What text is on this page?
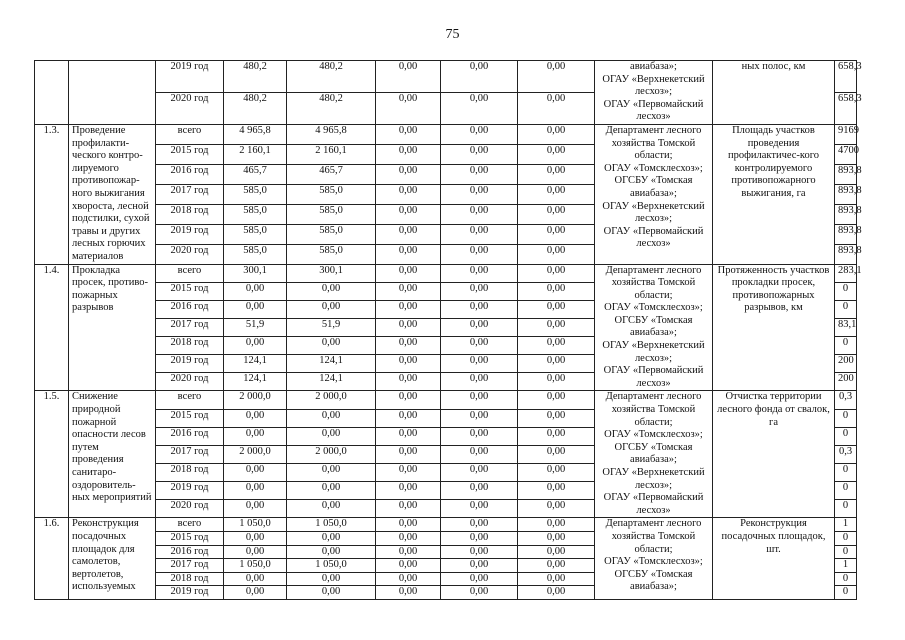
75
		2019 год	480,2	480,2	0,00	0,00	0,00	авиабаза»;
ОГАУ «Верхнекетский лесхоз»;
ОГАУ «Первомайский лесхоз»	ных полос, км	658,3
		2020 год	480,2	480,2	0,00	0,00	0,00			658,3
1.3.	Проведение профилакти-ческого контро-лируемого противопожар-ного выжигания хвороста, лесной подстилки, сухой травы и других лесных горючих материалов	всего	4 965,8	4 965,8	0,00	0,00	0,00	Департамент лесного хозяйства Томской области;
ОГАУ «Томсклесхоз»;
ОГСБУ «Томская авиабаза»;
ОГАУ «Верхнекетский лесхоз»;
ОГАУ «Первомайский лесхоз»	Площадь участков проведения профилактичес-кого контролируемого противопожарного выжигания, га	9169
		2015 год	2 160,1	2 160,1	0,00	0,00	0,00			4700
		2016 год	465,7	465,7	0,00	0,00	0,00			893,8
		2017 год	585,0	585,0	0,00	0,00	0,00			893,8
		2018 год	585,0	585,0	0,00	0,00	0,00			893,8
		2019 год	585,0	585,0	0,00	0,00	0,00			893,8
		2020 год	585,0	585,0	0,00	0,00	0,00			893,8
1.4.	Прокладка просек, противо-пожарных разрывов	всего	300,1	300,1	0,00	0,00	0,00	Департамент лесного хозяйства Томской области;
ОГАУ «Томсклесхоз»;
ОГСБУ «Томская авиабаза»;
ОГАУ «Верхнекетский лесхоз»;
ОГАУ «Первомайский лесхоз»	Протяженность участков прокладки просек, противопожарных разрывов, км	283,1
		2015 год	0,00	0,00	0,00	0,00	0,00			0
		2016 год	0,00	0,00	0,00	0,00	0,00			0
		2017 год	51,9	51,9	0,00	0,00	0,00			83,1
		2018 год	0,00	0,00	0,00	0,00	0,00			0
		2019 год	124,1	124,1	0,00	0,00	0,00			200
		2020 год	124,1	124,1	0,00	0,00	0,00			200
1.5.	Снижение природной пожарной опасности лесов путем проведения санитаро-оздоровитель-ных мероприятий	всего	2 000,0	2 000,0	0,00	0,00	0,00	Департамент лесного хозяйства Томской области;
ОГАУ «Томсклесхоз»;
ОГСБУ «Томская авиабаза»;
ОГАУ «Верхнекетский лесхоз»;
ОГАУ «Первомайский лесхоз»	Отчистка территории лесного фонда от свалок, га	0,3
		2015 год	0,00	0,00	0,00	0,00	0,00			0
		2016 год	0,00	0,00	0,00	0,00	0,00			0
		2017 год	2 000,0	2 000,0	0,00	0,00	0,00			0,3
		2018 год	0,00	0,00	0,00	0,00	0,00			0
		2019 год	0,00	0,00	0,00	0,00	0,00			0
		2020 год	0,00	0,00	0,00	0,00	0,00			0
1.6.	Реконструкция посадочных площадок для самолетов, вертолетов, используемых	всего	1 050,0	1 050,0	0,00	0,00	0,00	Департамент лесного хозяйства Томской области;
ОГАУ «Томсклесхоз»;
ОГСБУ «Томская авиабаза»;	Реконструкция посадочных площадок, шт.	1
		2015 год	0,00	0,00	0,00	0,00	0,00			0
		2016 год	0,00	0,00	0,00	0,00	0,00			0
		2017 год	1 050,0	1 050,0	0,00	0,00	0,00			1
		2018 год	0,00	0,00	0,00	0,00	0,00			0
		2019 год	0,00	0,00	0,00	0,00	0,00			0
